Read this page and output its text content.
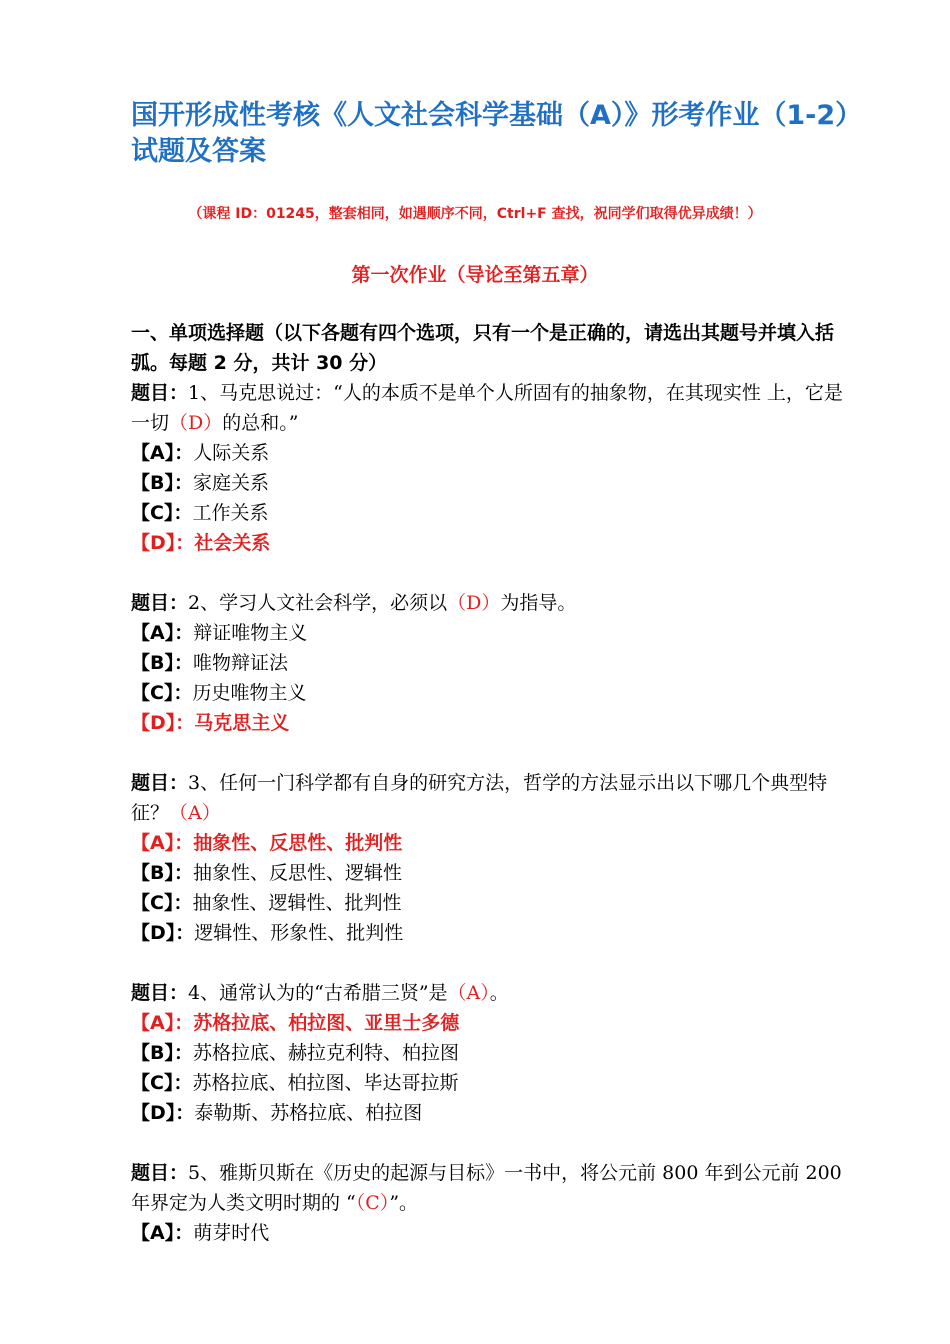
国开形成性考核《人文社会科学基础（A）》形考作业（1-2）试题及答案

（课程 ID：01245，整套相同，如遇顺序不同，Ctrl+F 查找，祝同学们取得优异成绩！）

第一次作业（导论至第五章）

一、单项选择题（以下各题有四个选项，只有一个是正确的，请选出其题号并填入括弧。每题 2 分，共计 30 分）

题目：1、马克思说过：“人的本质不是单个人所固有的抽象物，在其现实性 上，它是一切（D）的总和。”

【A】：人际关系

【B】：家庭关系

【C】：工作关系

【D】：社会关系

题目：2、学习人文社会科学，必须以（D）为指导。

【A】：辩证唯物主义

【B】：唯物辩证法

【C】：历史唯物主义

【D】：马克思主义

题目：3、任何一门科学都有自身的研究方法，哲学的方法显示出以下哪几个典型特征？（A）

【A】：抽象性、反思性、批判性

【B】：抽象性、反思性、逻辑性

【C】：抽象性、逻辑性、批判性

【D】：逻辑性、形象性、批判性

题目：4、通常认为的“古希腊三贤”是（A）。

【A】：苏格拉底、柏拉图、亚里士多德

【B】：苏格拉底、赫拉克利特、柏拉图

【C】：苏格拉底、柏拉图、毕达哥拉斯

【D】：泰勒斯、苏格拉底、柏拉图

题目：5、雅斯贝斯在《历史的起源与目标》一书中，将公元前 800 年到公元前 200 年界定为人类文明时期的 “（C）”。

【A】：萌芽时代
